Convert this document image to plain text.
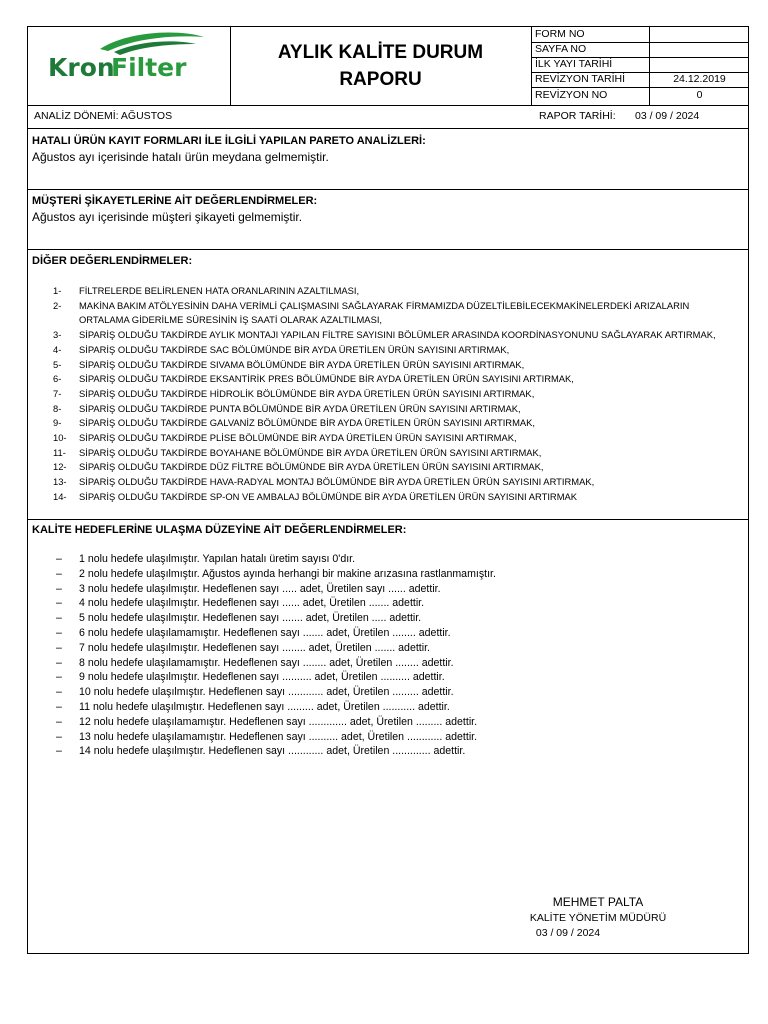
Kron
Filter
AYLIK KALİTE DURUM
RAPORU
FORM NO
SAYFA NO
İLK YAYI TARİHİ
REVİZYON TARİHİ	24.12.2019
REVİZYON NO	0
ANALİZ DÖNEMİ: AĞUSTOS	RAPOR TARİHİ: 03 / 09 / 2024
HATALI ÜRÜN KAYIT FORMLARI İLE İLGİLİ YAPILAN PARETO ANALİZLERİ:
Ağustos ayı içerisinde hatalı ürün meydana gelmemiştir.
MÜŞTERİ ŞİKAYETLERİNE AİT DEĞERLENDİRMELER:
Ağustos ayı içerisinde müşteri şikayeti gelmemiştir.
DİĞER DEĞERLENDİRMELER:
1- FİLTRELERDE BELİRLENEN HATA ORANLARININ AZALTILMASI,
2- MAKİNA BAKIM ATÖLYESİNİN DAHA VERİMLİ ÇALIŞMASINI SAĞLAYARAK FİRMAMIZDA DÜZELTİLEBİLECEKMAKİNELERDEKİ ARIZALARIN
ORTALAMA GİDERİLME SÜRESİNİN İŞ SAATİ OLARAK AZALTILMASI,
3- SİPARİŞ OLDUĞU TAKDİRDE AYLIK MONTAJI YAPILAN FİLTRE SAYISINI BÖLÜMLER ARASINDA KOORDİNASYONUNU SAĞLAYARAK ARTIRMAK,
4- SİPARİŞ OLDUĞU TAKDİRDE SAC BÖLÜMÜNDE BİR AYDA ÜRETİLEN ÜRÜN SAYISINI ARTIRMAK,
5- SİPARİŞ OLDUĞU TAKDİRDE SIVAMA BÖLÜMÜNDE BİR AYDA ÜRETİLEN ÜRÜN SAYISINI ARTIRMAK,
6- SİPARİŞ OLDUĞU TAKDİRDE EKSANTİRİK PRES BÖLÜMÜNDE BİR AYDA ÜRETİLEN ÜRÜN SAYISINI ARTIRMAK,
7- SİPARİŞ OLDUĞU TAKDİRDE HİDROLİK BÖLÜMÜNDE BİR AYDA ÜRETİLEN ÜRÜN SAYISINI ARTIRMAK,
8- SİPARİŞ OLDUĞU TAKDİRDE PUNTA BÖLÜMÜNDE BİR AYDA ÜRETİLEN ÜRÜN SAYISINI ARTIRMAK,
9- SİPARİŞ OLDUĞU TAKDİRDE GALVANİZ BÖLÜMÜNDE BİR AYDA ÜRETİLEN ÜRÜN SAYISINI ARTIRMAK,
10- SİPARİŞ OLDUĞU TAKDİRDE PLİSE BÖLÜMÜNDE BİR AYDA ÜRETİLEN ÜRÜN SAYISINI ARTIRMAK,
11- SİPARİŞ OLDUĞU TAKDİRDE BOYAHANE BÖLÜMÜNDE BİR AYDA ÜRETİLEN ÜRÜN SAYISINI ARTIRMAK,
12- SİPARİŞ OLDUĞU TAKDİRDE DÜZ FİLTRE BÖLÜMÜNDE BİR AYDA ÜRETİLEN ÜRÜN SAYISINI ARTIRMAK,
13- SİPARİŞ OLDUĞU TAKDİRDE HAVA-RADYAL MONTAJ BÖLÜMÜNDE BİR AYDA ÜRETİLEN ÜRÜN SAYISINI ARTIRMAK,
14- SİPARİŞ OLDUĞU TAKDİRDE SP-ON VE AMBALAJ BÖLÜMÜNDE BİR AYDA ÜRETİLEN ÜRÜN SAYISINI ARTIRMAK
KALİTE HEDEFLERİNE ULAŞMA DÜZEYİNE AİT DEĞERLENDİRMELER:
– 1 nolu hedefe ulaşılmıştır. Yapılan hatalı üretim sayısı 0'dır.
– 2 nolu hedefe ulaşılmıştır. Ağustos ayında herhangi bir makine arızasına rastlanmamıştır.
– 3 nolu hedefe ulaşılmıştır. Hedeflenen sayı ..... adet, Üretilen sayı ...... adettir.
– 4 nolu hedefe ulaşılmıştır. Hedeflenen sayı ...... adet, Üretilen ....... adettir.
– 5 nolu hedefe ulaşılmıştır. Hedeflenen sayı ....... adet, Üretilen ..... adettir.
– 6 nolu hedefe ulaşılamamıştır. Hedeflenen sayı ....... adet, Üretilen ........ adettir.
– 7 nolu hedefe ulaşılmıştır. Hedeflenen sayı ........ adet, Üretilen ....... adettir.
– 8 nolu hedefe ulaşılamamıştır. Hedeflenen sayı ........ adet, Üretilen ........ adettir.
– 9 nolu hedefe ulaşılmıştır. Hedeflenen sayı .......... adet, Üretilen .......... adettir.
– 10 nolu hedefe ulaşılmıştır. Hedeflenen sayı ............ adet, Üretilen ......... adettir.
– 11 nolu hedefe ulaşılmıştır. Hedeflenen sayı ......... adet, Üretilen ........... adettir.
– 12 nolu hedefe ulaşılamamıştır. Hedeflenen sayı ............. adet, Üretilen ......... adettir.
– 13 nolu hedefe ulaşılamamıştır. Hedeflenen sayı .......... adet, Üretilen ............ adettir.
– 14 nolu hedefe ulaşılmıştır. Hedeflenen sayı ............ adet, Üretilen ............. adettir.
MEHMET PALTA
KALİTE YÖNETİM MÜDÜRÜ
03 / 09 / 2024
